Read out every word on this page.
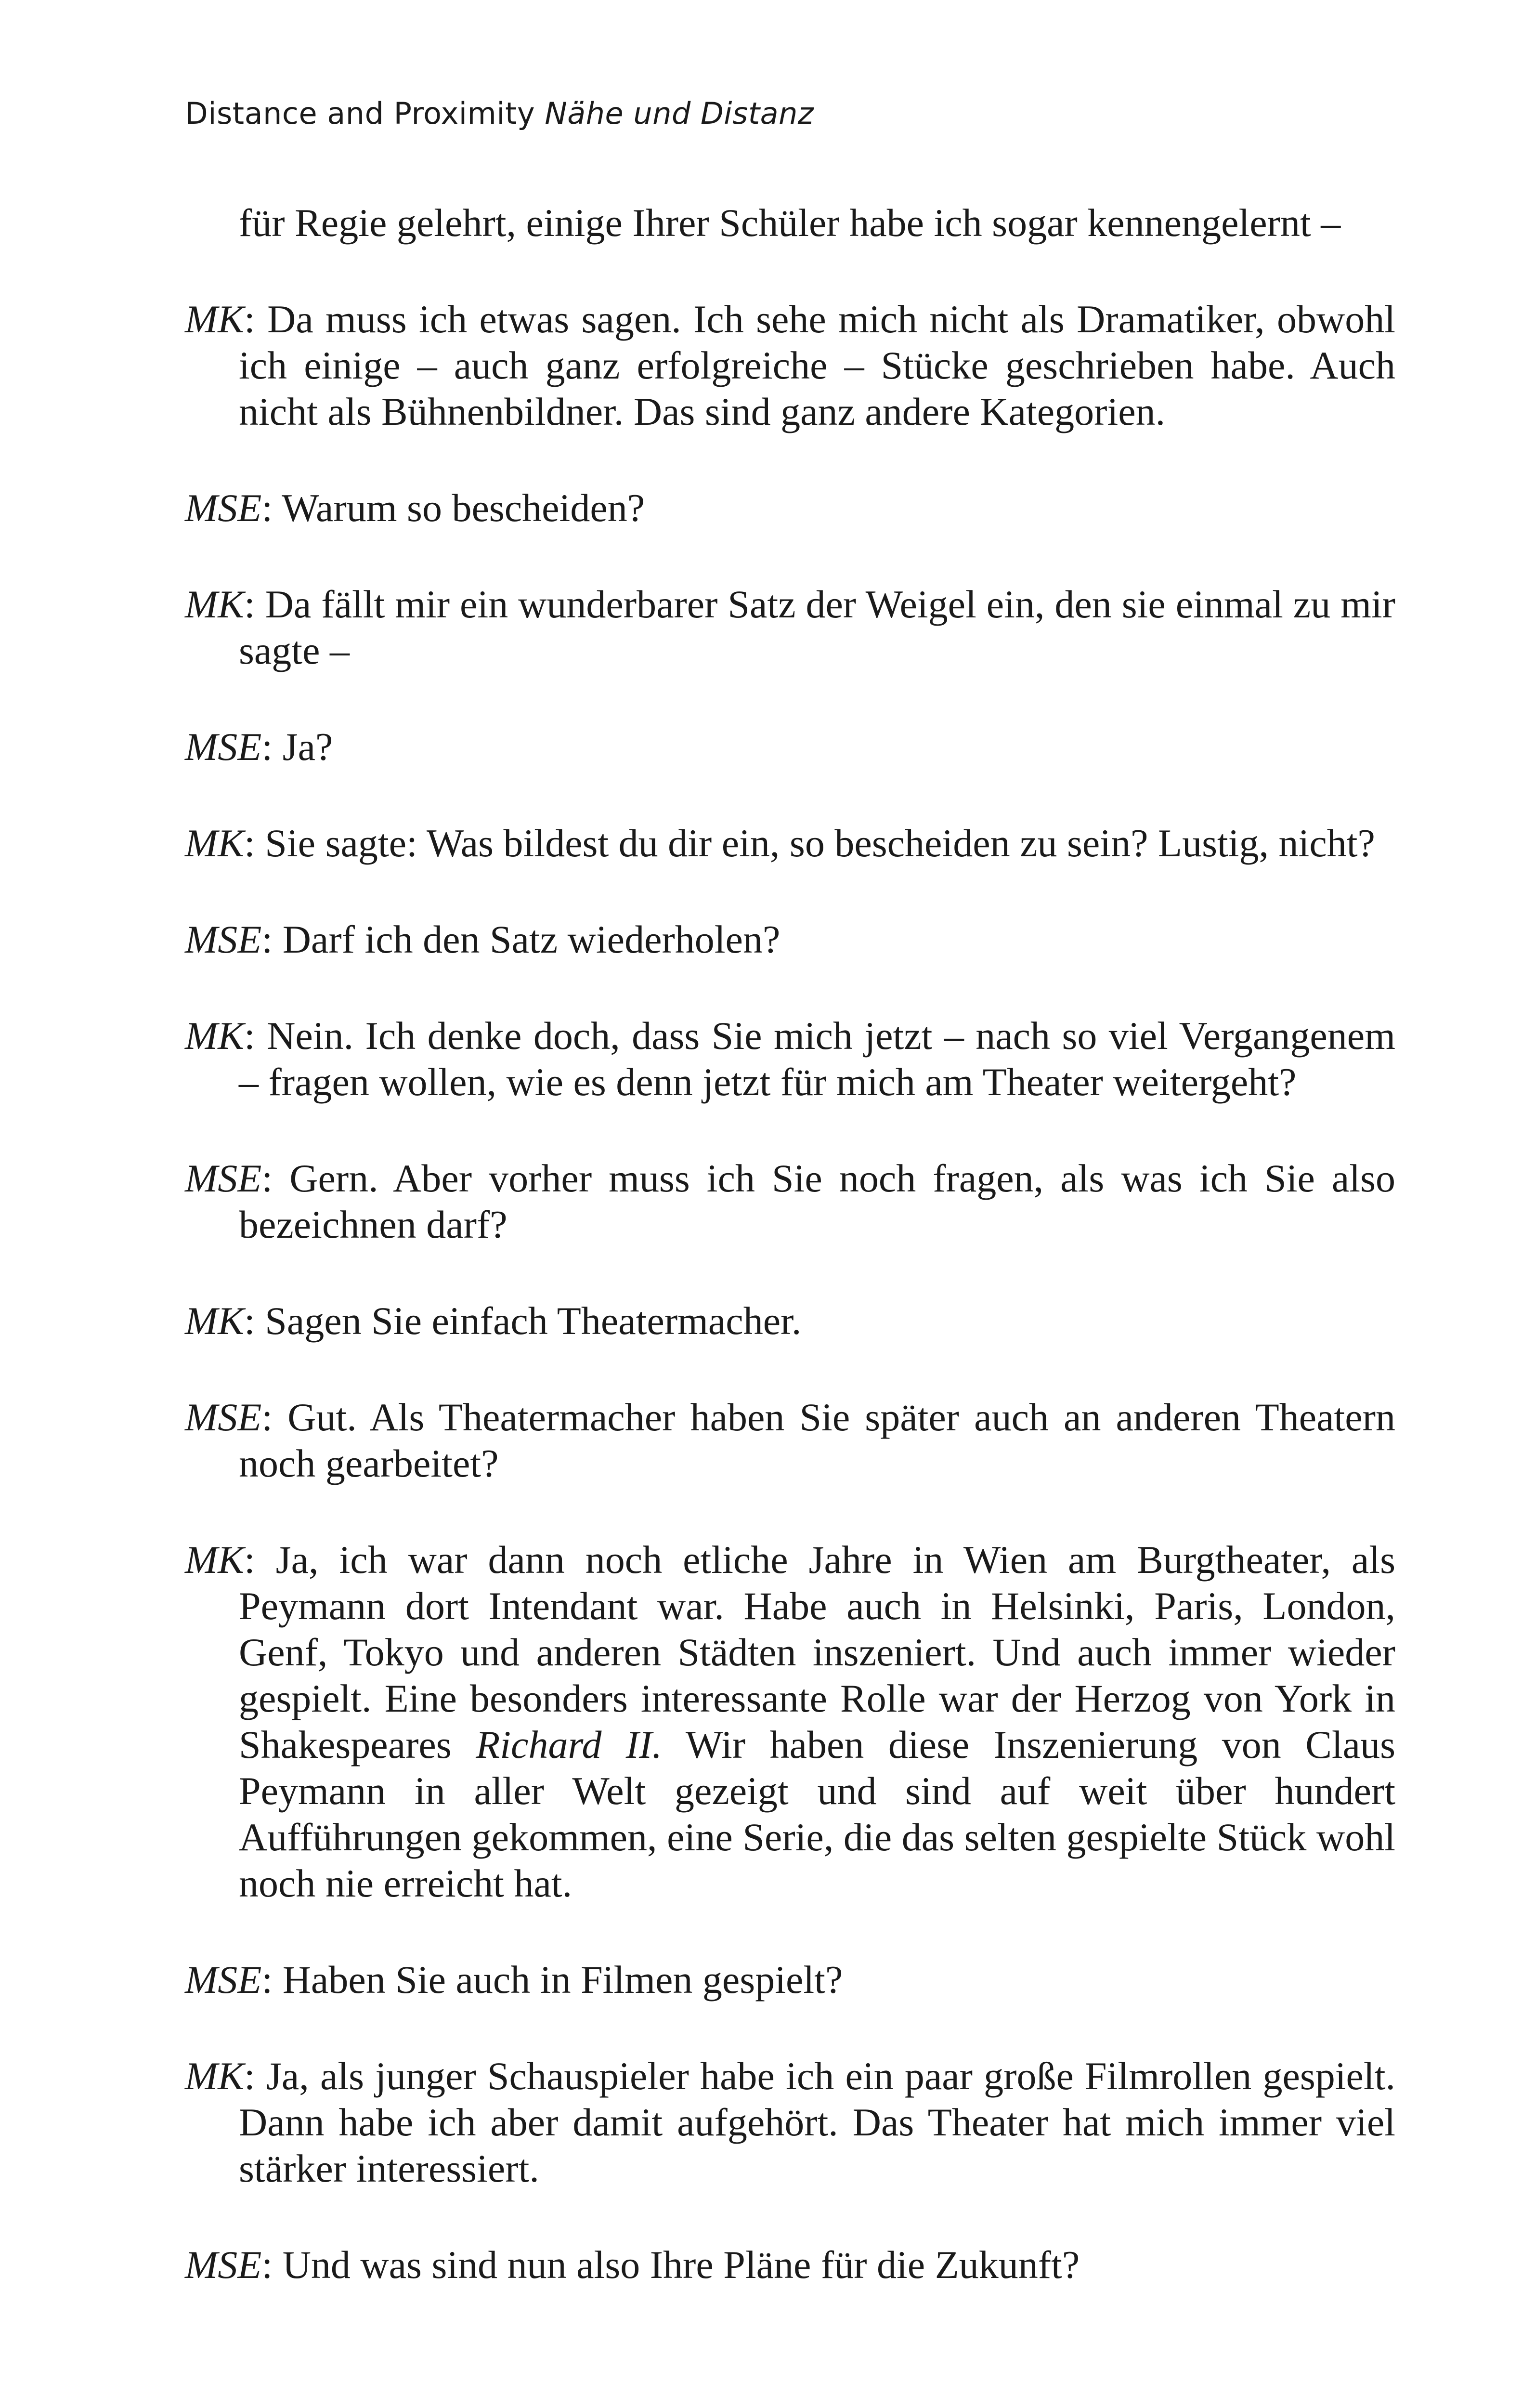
Distance and Proximity Nähe und Distanz

für Regie gelehrt, einige Ihrer Schüler habe ich sogar kennengelernt –

MK: Da muss ich etwas sagen. Ich sehe mich nicht als Dramatiker, obwohl ich einige – auch ganz erfolgreiche – Stücke geschrieben habe. Auch nicht als Bühnenbildner. Das sind ganz andere Kategorien.

MSE: Warum so bescheiden?

MK: Da fällt mir ein wunderbarer Satz der Weigel ein, den sie einmal zu mir sagte –

MSE: Ja?

MK: Sie sagte: Was bildest du dir ein, so bescheiden zu sein? Lustig, nicht?

MSE: Darf ich den Satz wiederholen?

MK: Nein. Ich denke doch, dass Sie mich jetzt – nach so viel Vergangenem – fragen wollen, wie es denn jetzt für mich am Theater weitergeht?

MSE: Gern. Aber vorher muss ich Sie noch fragen, als was ich Sie also bezeichnen darf?

MK: Sagen Sie einfach Theatermacher.

MSE: Gut. Als Theatermacher haben Sie später auch an anderen Theatern noch gearbeitet?

MK: Ja, ich war dann noch etliche Jahre in Wien am Burgtheater, als Peymann dort Intendant war. Habe auch in Helsinki, Paris, London, Genf, Tokyo und anderen Städten inszeniert. Und auch immer wieder gespielt. Eine besonders interessante Rolle war der Herzog von York in Shakespeares Richard II. Wir haben diese Inszenierung von Claus Peymann in aller Welt gezeigt und sind auf weit über hundert Aufführungen gekommen, eine Serie, die das selten gespielte Stück wohl noch nie erreicht hat.

MSE: Haben Sie auch in Filmen gespielt?

MK: Ja, als junger Schauspieler habe ich ein paar große Filmrollen gespielt. Dann habe ich aber damit aufgehört. Das Theater hat mich immer viel stärker interessiert.

MSE: Und was sind nun also Ihre Pläne für die Zukunft?
